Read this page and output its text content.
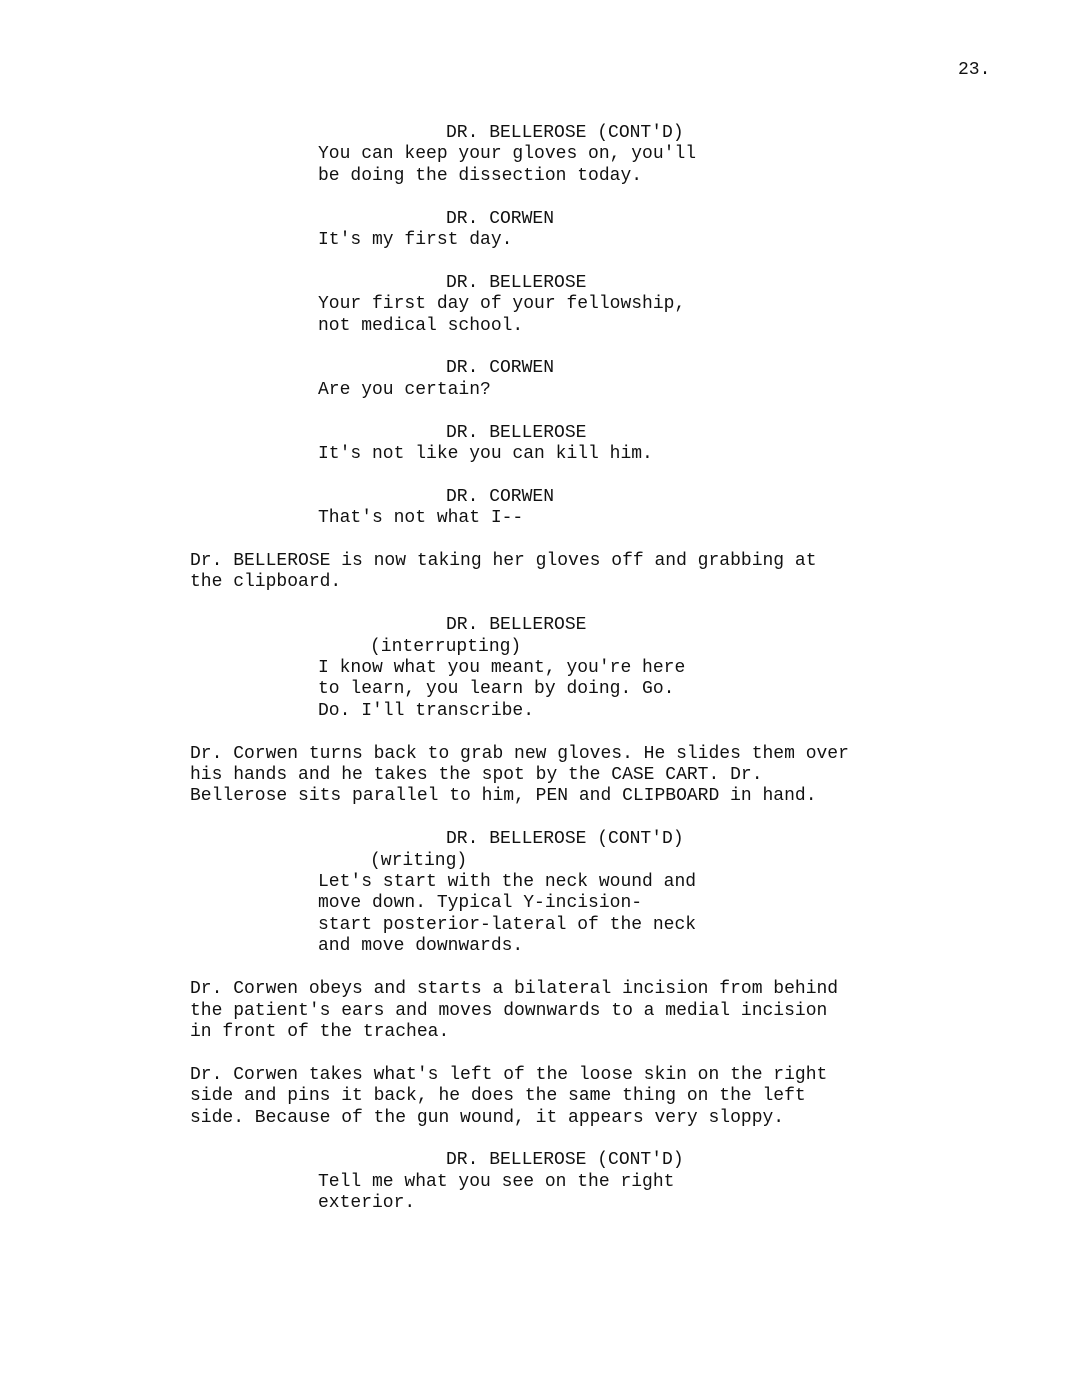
23.
DR. BELLEROSE (CONT'D)
You can keep your gloves on, you'll
be doing the dissection today.
DR. CORWEN
It's my first day.
DR. BELLEROSE
Your first day of your fellowship,
not medical school.
DR. CORWEN
Are you certain?
DR. BELLEROSE
It's not like you can kill him.
DR. CORWEN
That's not what I--
Dr. BELLEROSE is now taking her gloves off and grabbing at
the clipboard.
DR. BELLEROSE
(interrupting)
I know what you meant, you're here
to learn, you learn by doing. Go.
Do. I'll transcribe.
Dr. Corwen turns back to grab new gloves. He slides them over
his hands and he takes the spot by the CASE CART. Dr.
Bellerose sits parallel to him, PEN and CLIPBOARD in hand.
DR. BELLEROSE (CONT'D)
(writing)
Let's start with the neck wound and
move down. Typical Y-incision-
start posterior-lateral of the neck
and move downwards.
Dr. Corwen obeys and starts a bilateral incision from behind
the patient's ears and moves downwards to a medial incision
in front of the trachea.
Dr. Corwen takes what's left of the loose skin on the right
side and pins it back, he does the same thing on the left
side. Because of the gun wound, it appears very sloppy.
DR. BELLEROSE (CONT'D)
Tell me what you see on the right
exterior.
